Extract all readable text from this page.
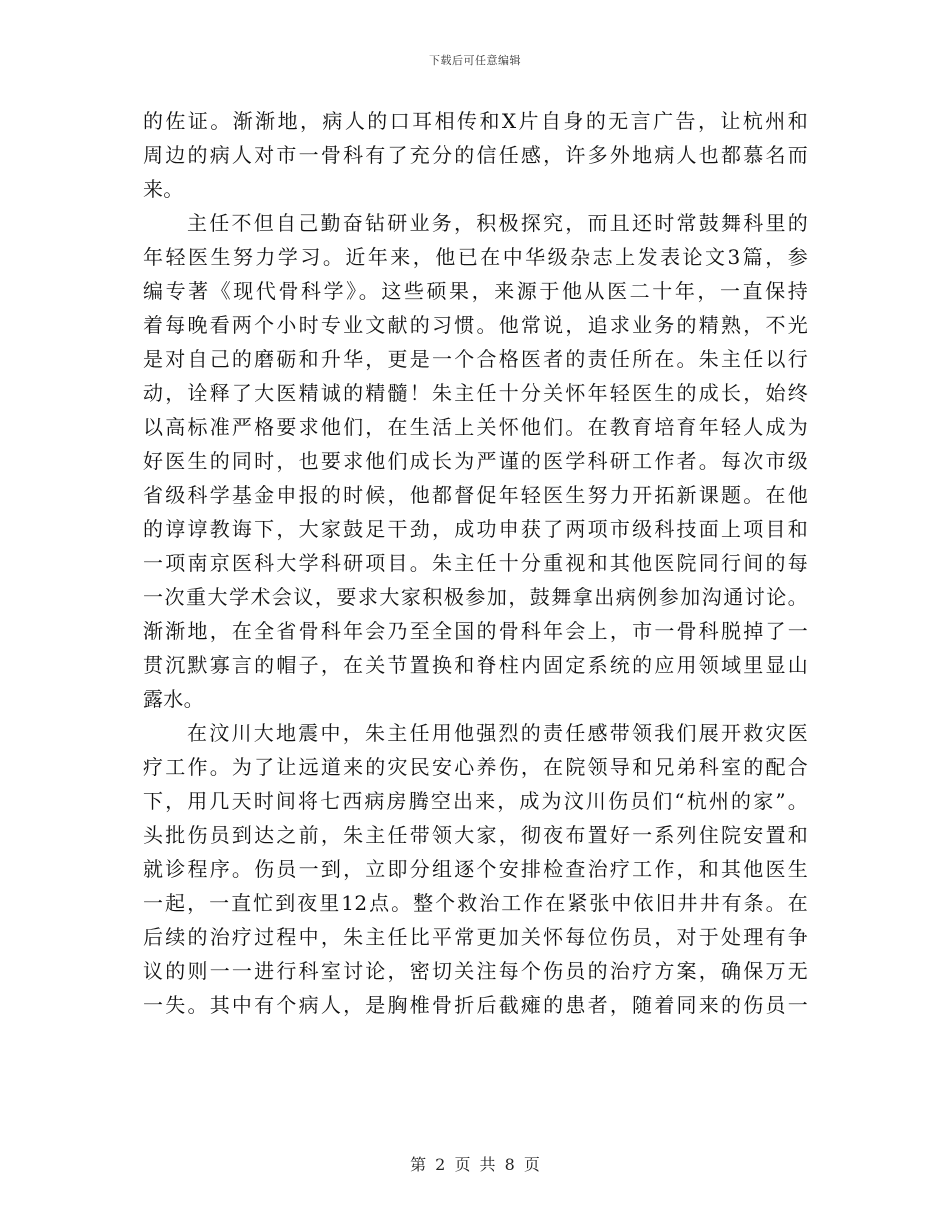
下载后可任意编辑
的佐证。渐渐地，病人的口耳相传和X片自身的无言广告，让杭州和
周边的病人对市一骨科有了充分的信任感，许多外地病人也都慕名而
来。
主任不但自己勤奋钻研业务，积极探究，而且还时常鼓舞科里的
年轻医生努力学习。近年来，他已在中华级杂志上发表论文3篇，参
编专著《现代骨科学》。这些硕果，来源于他从医二十年，一直保持
着每晚看两个小时专业文献的习惯。他常说，追求业务的精熟，不光
是对自己的磨砺和升华，更是一个合格医者的责任所在。朱主任以行
动，诠释了大医精诚的精髓！朱主任十分关怀年轻医生的成长，始终
以高标准严格要求他们，在生活上关怀他们。在教育培育年轻人成为
好医生的同时，也要求他们成长为严谨的医学科研工作者。每次市级
省级科学基金申报的时候，他都督促年轻医生努力开拓新课题。在他
的谆谆教诲下，大家鼓足干劲，成功申获了两项市级科技面上项目和
一项南京医科大学科研项目。朱主任十分重视和其他医院同行间的每
一次重大学术会议，要求大家积极参加，鼓舞拿出病例参加沟通讨论。
渐渐地，在全省骨科年会乃至全国的骨科年会上，市一骨科脱掉了一
贯沉默寡言的帽子，在关节置换和脊柱内固定系统的应用领域里显山
露水。
在汶川大地震中，朱主任用他强烈的责任感带领我们展开救灾医
疗工作。为了让远道来的灾民安心养伤，在院领导和兄弟科室的配合
下，用几天时间将七西病房腾空出来，成为汶川伤员们“杭州的家”。
头批伤员到达之前，朱主任带领大家，彻夜布置好一系列住院安置和
就诊程序。伤员一到，立即分组逐个安排检查治疗工作，和其他医生
一起，一直忙到夜里12点。整个救治工作在紧张中依旧井井有条。在
后续的治疗过程中，朱主任比平常更加关怀每位伤员，对于处理有争
议的则一一进行科室讨论，密切关注每个伤员的治疗方案，确保万无
一失。其中有个病人，是胸椎骨折后截瘫的患者，随着同来的伤员一
第 2 页 共 8 页
